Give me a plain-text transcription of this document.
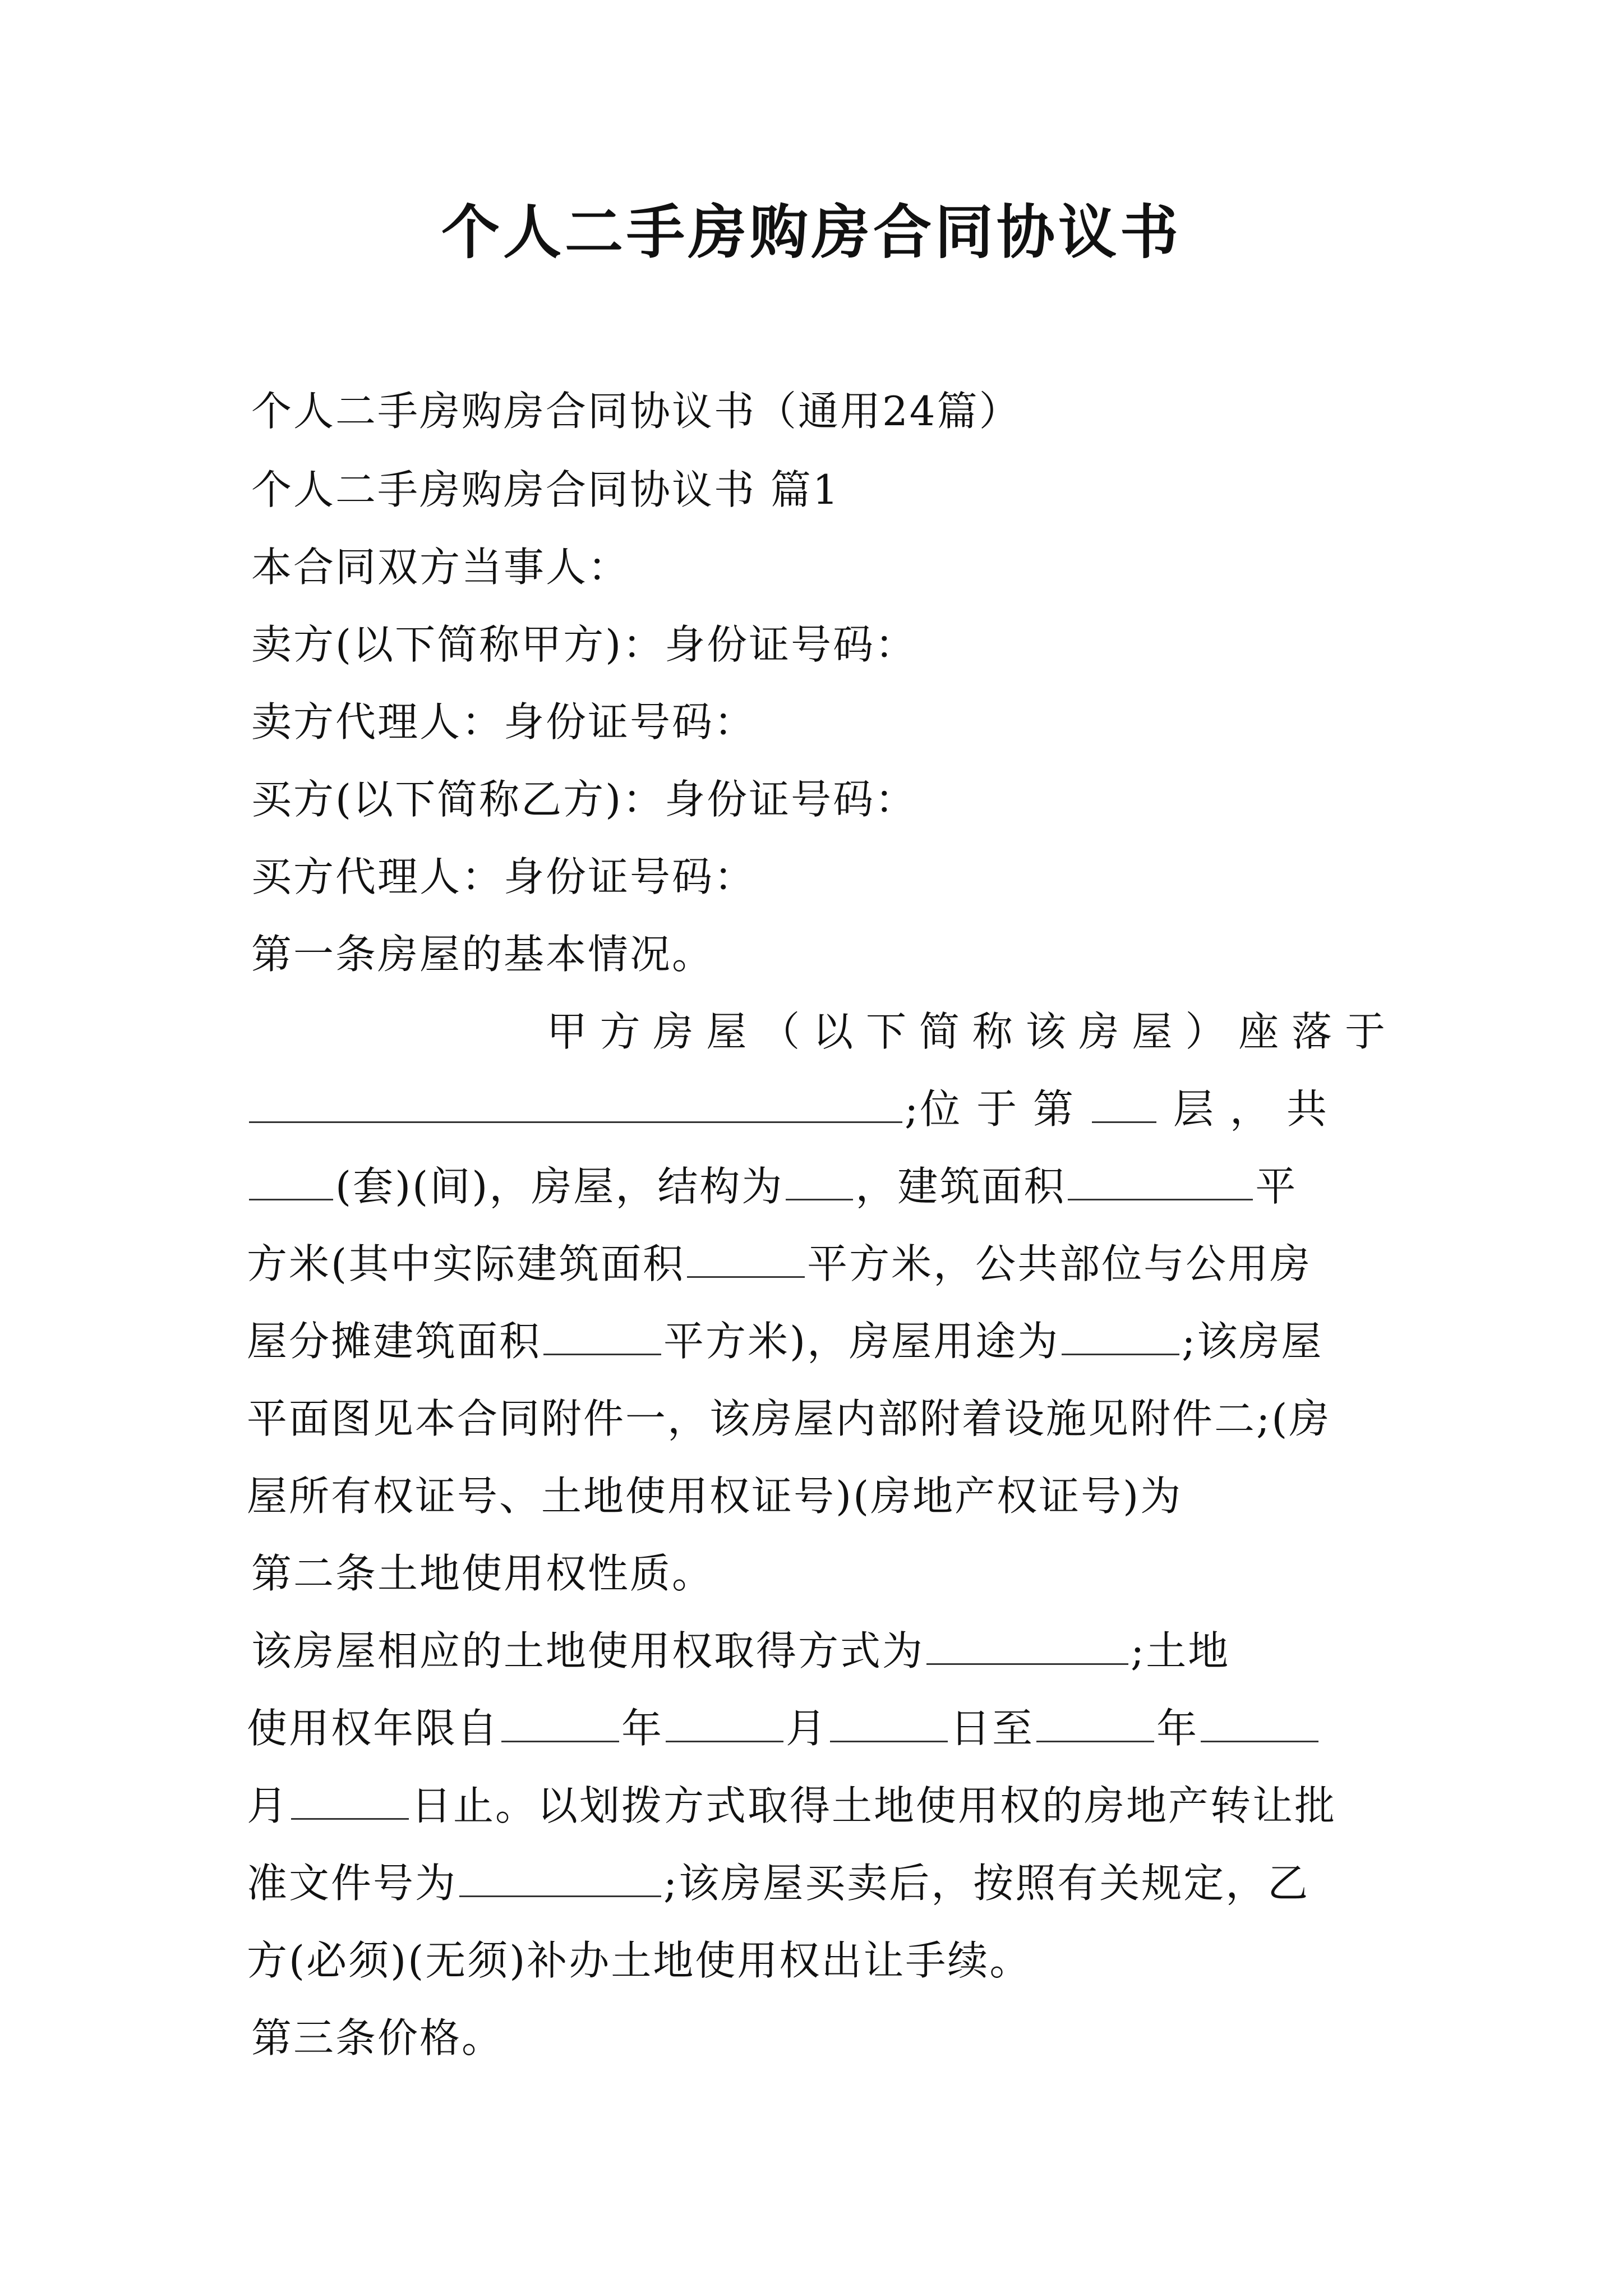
个人二手房购房合同协议书
个人二手房购房合同协议书（通用24篇）
个人二手房购房合同协议书 篇1
本合同双方当事人：
卖方(以下简称甲方)：身份证号码：
卖方代理人：身份证号码：
买方(以下简称乙方)：身份证号码：
买方代理人：身份证号码：
第一条房屋的基本情况。
甲 方 房 屋 （ 以 下 简 称 该 房 屋 ） 座 落 于
;位 于 第 层 ， 共
(套)(间)，房屋，结构为 ，建筑面积	平
方米(其中实际建筑面积	平方米，公共部位与公用房
屋分摊建筑面积	平方米)，房屋用途为	;该房屋
平面图见本合同附件一，该房屋内部附着设施见附件二;(房
屋所有权证号、土地使用权证号)(房地产权证号)为
第二条土地使用权性质。
该房屋相应的土地使用权取得方式为	;土地
使用权年限自	年	月	日至	年
月	日止。以划拨方式取得土地使用权的房地产转让批
准文件号为	;该房屋买卖后，按照有关规定，乙
方(必须)(无须)补办土地使用权出让手续。
第三条价格。
